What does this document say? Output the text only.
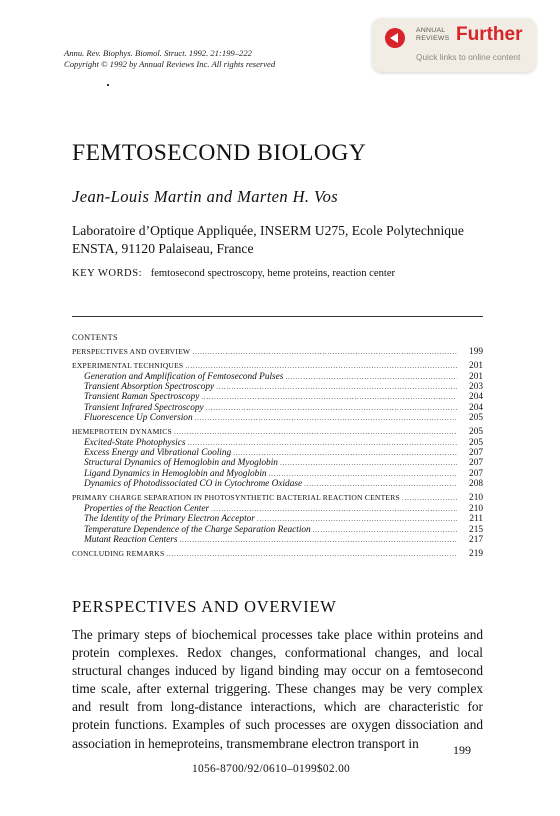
Annu. Rev. Biophys. Biomol. Struct. 1992. 21:199–222
Copyright © 1992 by Annual Reviews Inc. All rights reserved
ANNUAL
REVIEWS Further
Quick links to online content
FEMTOSECOND BIOLOGY
Jean-Louis Martin and Marten H. Vos
Laboratoire d’Optique Appliquée, INSERM U275, Ecole Polytechnique
ENSTA, 91120 Palaiseau, France
KEY WORDS: femtosecond spectroscopy, heme proteins, reaction center
CONTENTS
PERSPECTIVES AND OVERVIEW .....	199
EXPERIMENTAL TECHNIQUES .....	201
Generation and Amplification of Femtosecond Pulses .....	201
Transient Absorption Spectroscopy .....	203
Transient Raman Spectroscopy .....	204
Transient Infrared Spectroscopy .....	204
Fluorescence Up Conversion .....	205
HEMEPROTEIN DYNAMICS .....	205
Excited-State Photophysics .....	205
Excess Energy and Vibrational Cooling .....	207
Structural Dynamics of Hemoglobin and Myoglobin .....	207
Ligand Dynamics in Hemoglobin and Myoglobin .....	207
Dynamics of Photodissociated CO in Cytochrome Oxidase .....	208
PRIMARY CHARGE SEPARATION IN PHOTOSYNTHETIC BACTERIAL REACTION CENTERS .....	210
Properties of the Reaction Center .....	210
The Identity of the Primary Electron Acceptor .....	211
Temperature Dependence of the Charge Separation Reaction .....	215
Mutant Reaction Centers .....	217
CONCLUDING REMARKS .....	219
PERSPECTIVES AND OVERVIEW
The primary steps of biochemical processes take place within proteins and protein complexes. Redox changes, conformational changes, and local structural changes induced by ligand binding may occur on a femtosecond time scale, after external triggering. These changes may be very complex and result from long-distance interactions, which are characteristic for protein functions. Examples of such processes are oxygen dissociation and association in hemeproteins, transmembrane electron transport in	199
1056-8700/92/0610–0199$02.00
